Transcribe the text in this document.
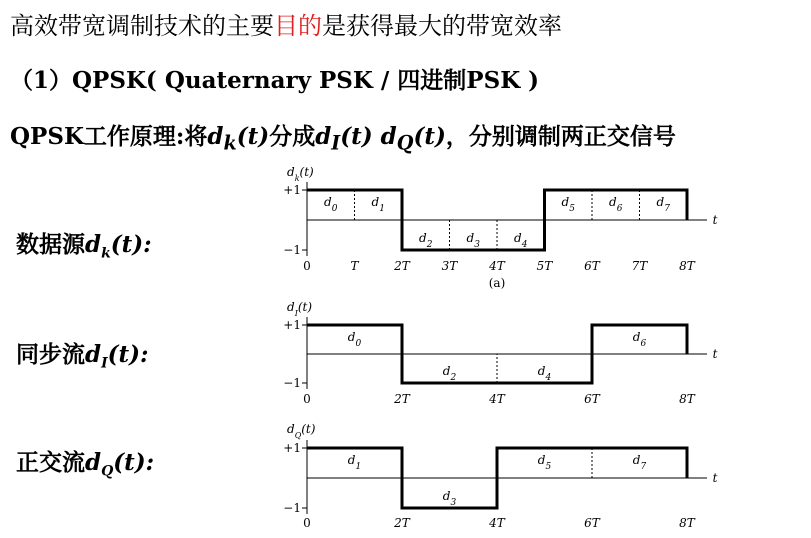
高效带宽调制技术的主要目的是获得最大的带宽效率
（1）QPSK( Quaternary PSK / 四进制PSK )
QPSK工作原理:将$d_k(t)$分成$d_I(t)$ $d_Q(t)$，分别调制两正交信号
数据源$d_k(t)$:
同步流$d_I(t)$:
正交流$d_Q(t)$:
$d_k(t)$
+1
−1
t
$d_0$	$d_1$
$d_2$	$d_3$	$d_4$
$d_5$	$d_6$	$d_7$
0	T	2T	3T	4T	5T	6T	7T	8T
(a)
$d_I(t)$
+1
−1
t
$d_0$
$d_2$	$d_4$
$d_6$
0	2T	4T	6T	8T
$d_Q(t)$
+1
−1
t
$d_1$
$d_3$
$d_5$	$d_7$
0	2T	4T	6T	8T
